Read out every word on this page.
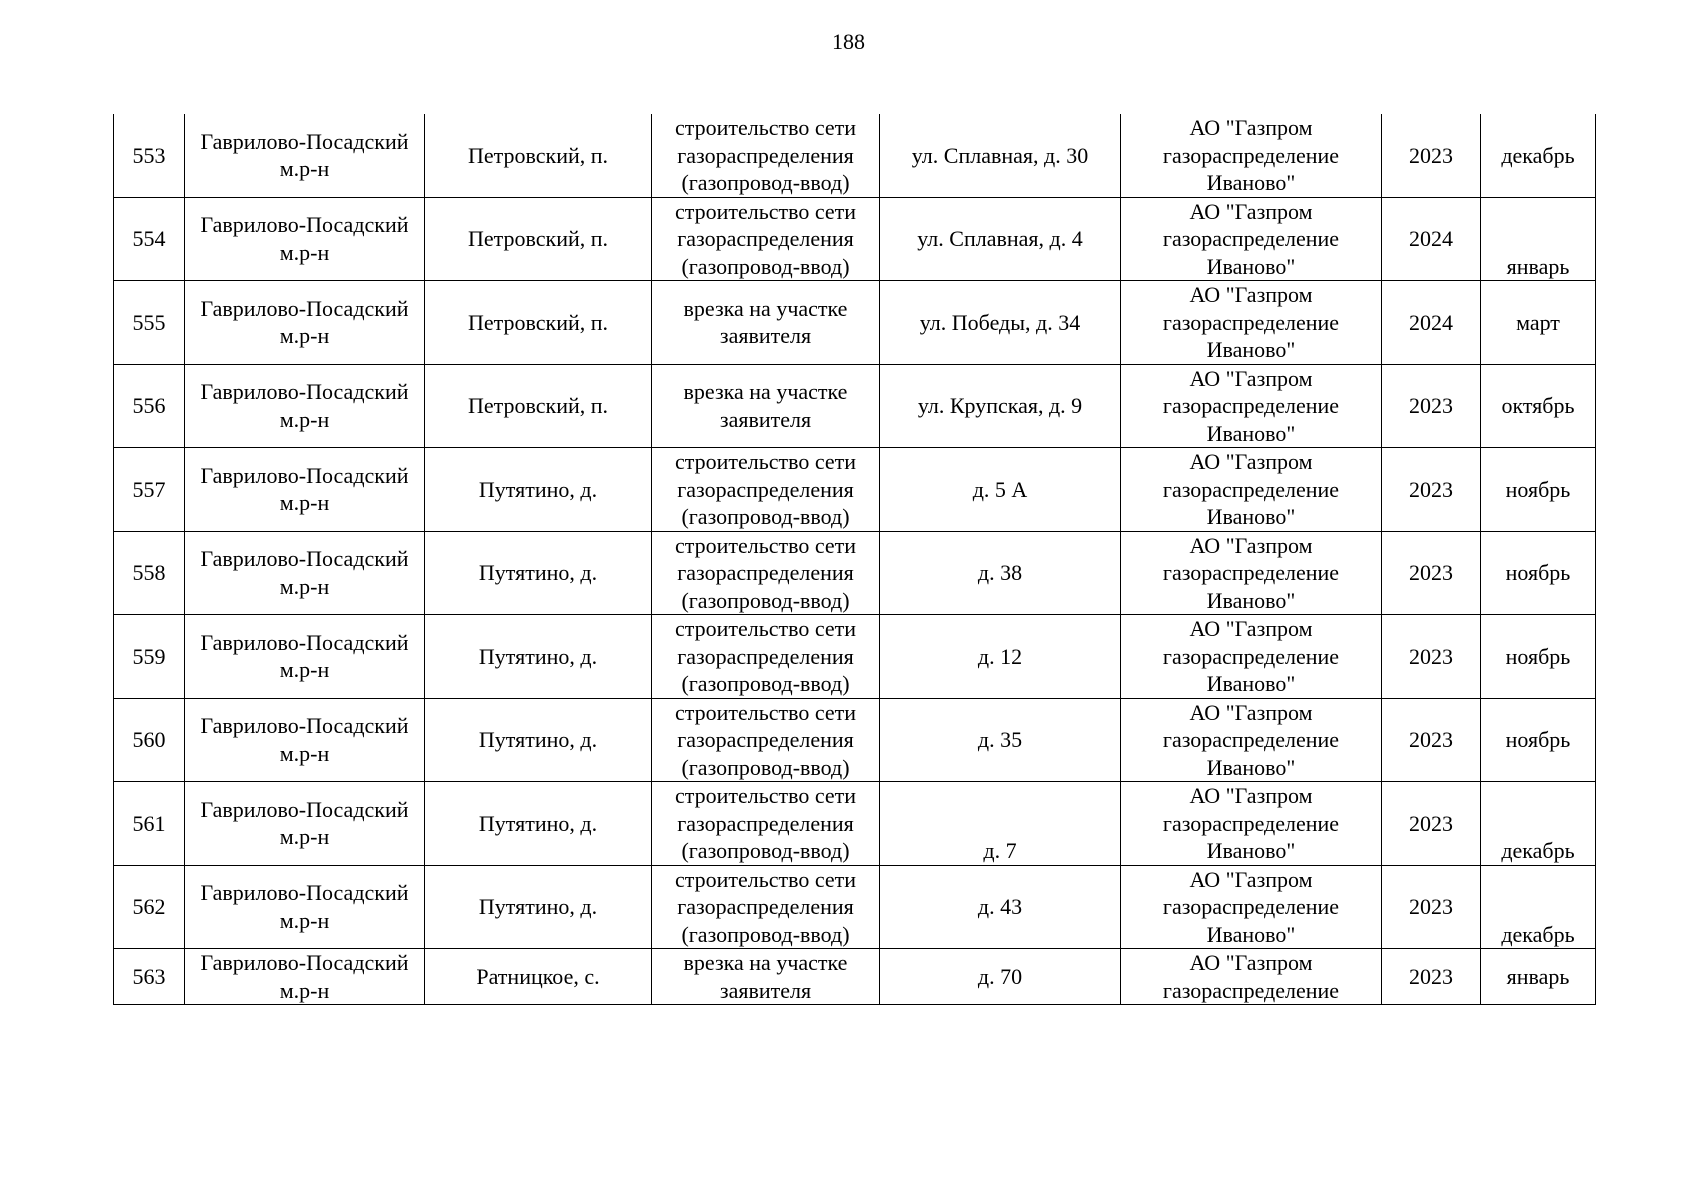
188
553	Гаврилово-Посадский м.р-н	Петровский, п.	строительство сети газораспределения (газопровод-ввод)	ул. Сплавная, д. 30	АО "Газпром газораспределение Иваново"	2023	декабрь
554	Гаврилово-Посадский м.р-н	Петровский, п.	строительство сети газораспределения (газопровод-ввод)	ул. Сплавная, д. 4	АО "Газпром газораспределение Иваново"	2024	январь
555	Гаврилово-Посадский м.р-н	Петровский, п.	врезка на участке заявителя	ул. Победы, д. 34	АО "Газпром газораспределение Иваново"	2024	март
556	Гаврилово-Посадский м.р-н	Петровский, п.	врезка на участке заявителя	ул. Крупская, д. 9	АО "Газпром газораспределение Иваново"	2023	октябрь
557	Гаврилово-Посадский м.р-н	Путятино, д.	строительство сети газораспределения (газопровод-ввод)	д. 5 А	АО "Газпром газораспределение Иваново"	2023	ноябрь
558	Гаврилово-Посадский м.р-н	Путятино, д.	строительство сети газораспределения (газопровод-ввод)	д. 38	АО "Газпром газораспределение Иваново"	2023	ноябрь
559	Гаврилово-Посадский м.р-н	Путятино, д.	строительство сети газораспределения (газопровод-ввод)	д. 12	АО "Газпром газораспределение Иваново"	2023	ноябрь
560	Гаврилово-Посадский м.р-н	Путятино, д.	строительство сети газораспределения (газопровод-ввод)	д. 35	АО "Газпром газораспределение Иваново"	2023	ноябрь
561	Гаврилово-Посадский м.р-н	Путятино, д.	строительство сети газораспределения (газопровод-ввод)	д. 7	АО "Газпром газораспределение Иваново"	2023	декабрь
562	Гаврилово-Посадский м.р-н	Путятино, д.	строительство сети газораспределения (газопровод-ввод)	д. 43	АО "Газпром газораспределение Иваново"	2023	декабрь
563	Гаврилово-Посадский м.р-н	Ратницкое, с.	врезка на участке заявителя	д. 70	АО "Газпром газораспределение	2023	январь
